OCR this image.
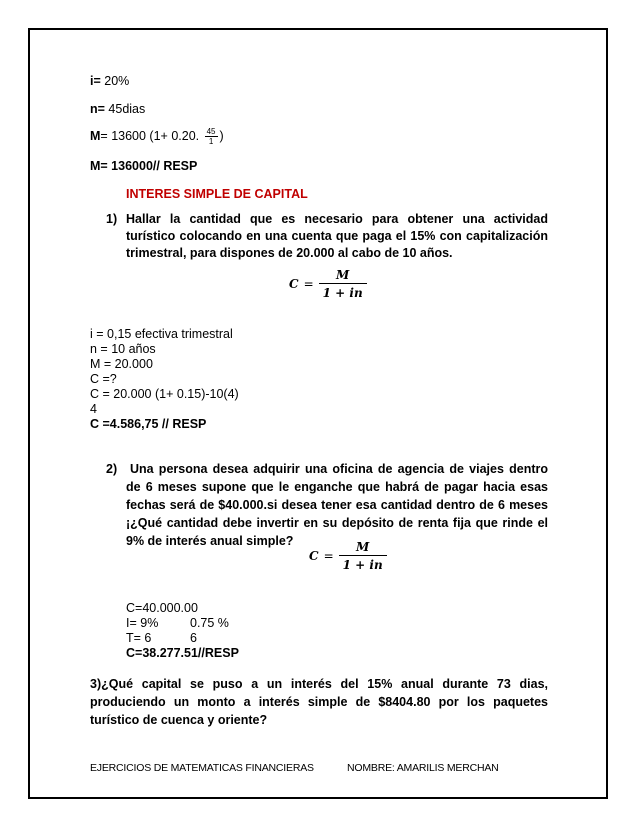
i= 20%
n= 45dias
M= 13600 (1+ 0.20. $\frac{45}{1}$ )
M= 136000// RESP
INTERES SIMPLE DE CAPITAL
1) Hallar la cantidad que es necesario para obtener una actividad
turístico colocando en una cuenta que paga el 15% con capitalización
trimestral, para dispones de 20.000 al cabo de 10 años.
$C = \frac{M}{1 + in}$
i = 0,15 efectiva trimestral
n = 10 años
M = 20.000
C =?
C = 20.000 (1+ 0.15)-10(4)
4
C =4.586,75 // RESP
2) Una persona desea adquirir una oficina de agencia de viajes dentro
de 6 meses supone que le enganche que habrá de pagar hacia esas
fechas será de $40.000.si desea tener esa cantidad dentro de 6 meses
¡¿Qué cantidad debe invertir en su depósito de renta fija que rinde el
9% de interés anual simple?
$C = \frac{M}{1 + in}$
C=40.000.00
I= 9%	0.75 %
T= 6	6
C=38.277.51//RESP
3)¿Qué capital se puso a un interés del 15% anual durante 73 dias,
produciendo un monto a interés simple de $8404.80 por los paquetes
turístico de cuenca y oriente?
EJERCICIOS DE MATEMATICAS FINANCIERAS	NOMBRE: AMARILIS MERCHAN
